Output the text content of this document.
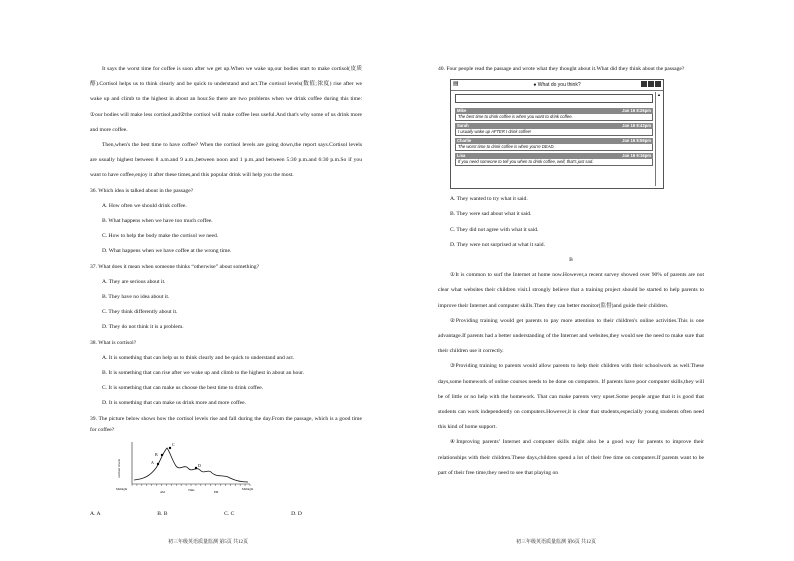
It says the worst time for coffee is soon after we get up.When we wake up,our bodies start to make cortisol(皮质醇).Cortisol helps us to think clearly and be quick to understand and act.The cortisol levels(数值;浓度) rise after we wake up and climb to the highest in about an hour.So there are two problems when we drink coffee during this time: ①our bodies will make less cortisol,and②the cortisol will make coffee less useful.And that's why some of us drink more and more coffee.

Then,when's the best time to have coffee? When the cortisol levels are going down,the report says.Cortisol levels are usually highest between 8 a.m.and 9 a.m.,between noon and 1 p.m.,and between 5:30 p.m.and 6:30 p.m.So if you want to have coffee,enjoy it after these times,and this popular drink will help you the most.

36. Which idea is talked about in the passage?

A. How often we should drink coffee.

B. What happens when we have too much coffee.

C. How to help the body make the cortisol we need.

D. What happens when we have coffee at the wrong time.

37. What does it mean when someone thinks “otherwise” about something?

A. They are serious about it.

B. They have no idea about it.

C. They think differently about it.

D. They do not think it is a problem.

38. What is cortisol?

A. It is something that can help us to think clearly and be quick to understand and act.

B. It is something that can rise after we wake up and climb to the highest in about an hour.

C. It is something that can make us choose the best time to drink coffee.

D. It is something that can make us drink more and more coffee.

39. The picture below shows how the cortisol levels rise and fall during the day.From the passage, which is a good time for coffee?

cortisol levels	A
B
C
D
AM	PM
Time
Midnight	Midnight
A. A	B. B	C. C	D. D
初三年级英语质量监测 第5页 共12页

40. Four people read the passage and wrote what they thought about it.What did they think about the passage?

▤	● What do you think?
Mike	Jan 16 8:26pm
The best time to drink coffee is when you want to drink coffee.
Sarah	Jan 16 8:43pm
I usually wake up AFTER I drink coffee!
Charlie	Jan 16 8:59pm
The worst time to drink coffee is when you're DEAD.
Lisa	Jan 16 9:16pm
If you need someone to tell you when to drink coffee, well, that's just sad.
▲

A. They wanted to try what it said.

B. They were sad about what it said.

C. They did not agree with what it said.

D. They were not surprised at what it said.

B

①It is common to surf the Internet at home now.However,a recent survey showed over 90% of parents are not clear what websites their children visit.I strongly believe that a training project should be started to help parents to improve their Internet and computer skills.Then they can better monitor(监督)and guide their children.

②Providing training would get parents to pay more attention to their children's online activities.This is one advantage.If parents had a better understanding of the Internet and websites,they would see the need to make sure that their children use it correctly.

③Providing training to parents would allow parents to help their children with their schoolwork as well.These days,some homework of online courses needs to be done on computers. If parents have poor computer skills,they will be of little or no help with the homework. That can make parents very upset.Some people argue that it is good that students can work independently on computers.However,it is clear that students,especially young students often need this kind of home support.

④Improving parents’ Internet and computer skills might also be a good way for parents to improve their relationships with their children.These days,children spend a lot of their free time on computers.If parents want to be part of their free time,they need to see that playing on

初三年级英语质量监测 第6页 共12页
